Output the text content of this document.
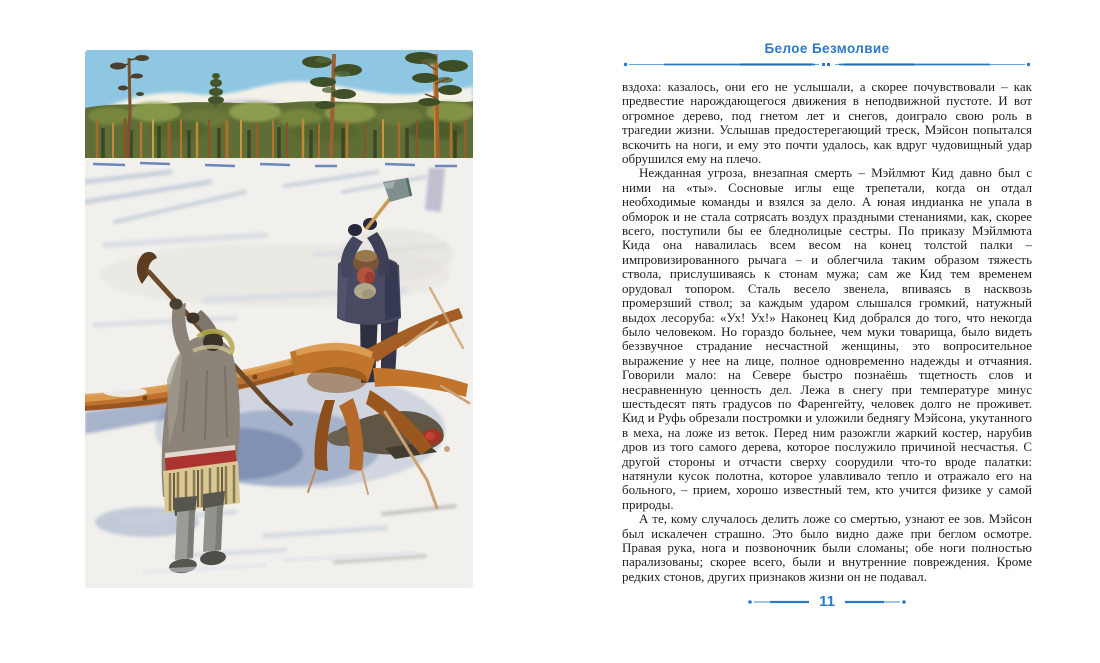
Белое Безмолвие

вздоха: казалось, они его не услышали, а скорее почувствовали – как предвестие нарождающегося движения в неподвижной пустоте. И вот огромное дерево, под гнетом лет и снегов, доиграло свою роль в трагедии жизни. Услышав предостерегающий треск, Мэйсон попытался вскочить на ноги, и ему это почти удалось, как вдруг чудовищный удар обрушился ему на плечо.

Нежданная угроза, внезапная смерть – Мэйлмют Кид давно был с ними на «ты». Сосновые иглы еще трепетали, когда он отдал необходимые команды и взялся за дело. А юная индианка не упала в обморок и не стала сотрясать воздух праздными стенаниями, как, скорее всего, поступили бы ее бледнолицые сестры. По приказу Мэйлмюта Кида она навалилась всем весом на конец толстой палки – импровизированного рычага – и облегчила таким образом тяжесть ствола, прислушиваясь к стонам мужа; сам же Кид тем временем орудовал топором. Сталь весело звенела, впиваясь в насквозь промерзший ствол; за каждым ударом слышался громкий, натужный выдох лесоруба: «Ух! Ух!» Наконец Кид добрался до того, что некогда было человеком. Но гораздо больнее, чем муки товарища, было видеть беззвучное страдание несчастной женщины, это вопросительное выражение у нее на лице, полное одновременно надежды и отчаяния. Говорили мало: на Севере быстро познаёшь тщетность слов и несравненную ценность дел. Лежа в снегу при температуре минус шестьдесят пять градусов по Фаренгейту, человек долго не проживет. Кид и Руфь обрезали постромки и уложили беднягу Мэйсона, укутанного в меха, на ложе из веток. Перед ним разожгли жаркий костер, нарубив дров из того самого дерева, которое послужило причиной несчастья. С другой стороны и отчасти сверху соорудили что-то вроде палатки: натянули кусок полотна, которое улавливало тепло и отражало его на больного, – прием, хорошо известный тем, кто учится физике у самой природы.

А те, кому случалось делить ложе со смертью, узнают ее зов. Мэйсон был искалечен страшно. Это было видно даже при беглом осмотре. Правая рука, нога и позвоночник были сломаны; обе ноги полностью парализованы; скорее всего, были и внутренние повреждения. Кроме редких стонов, других признаков жизни он не подавал.

11
